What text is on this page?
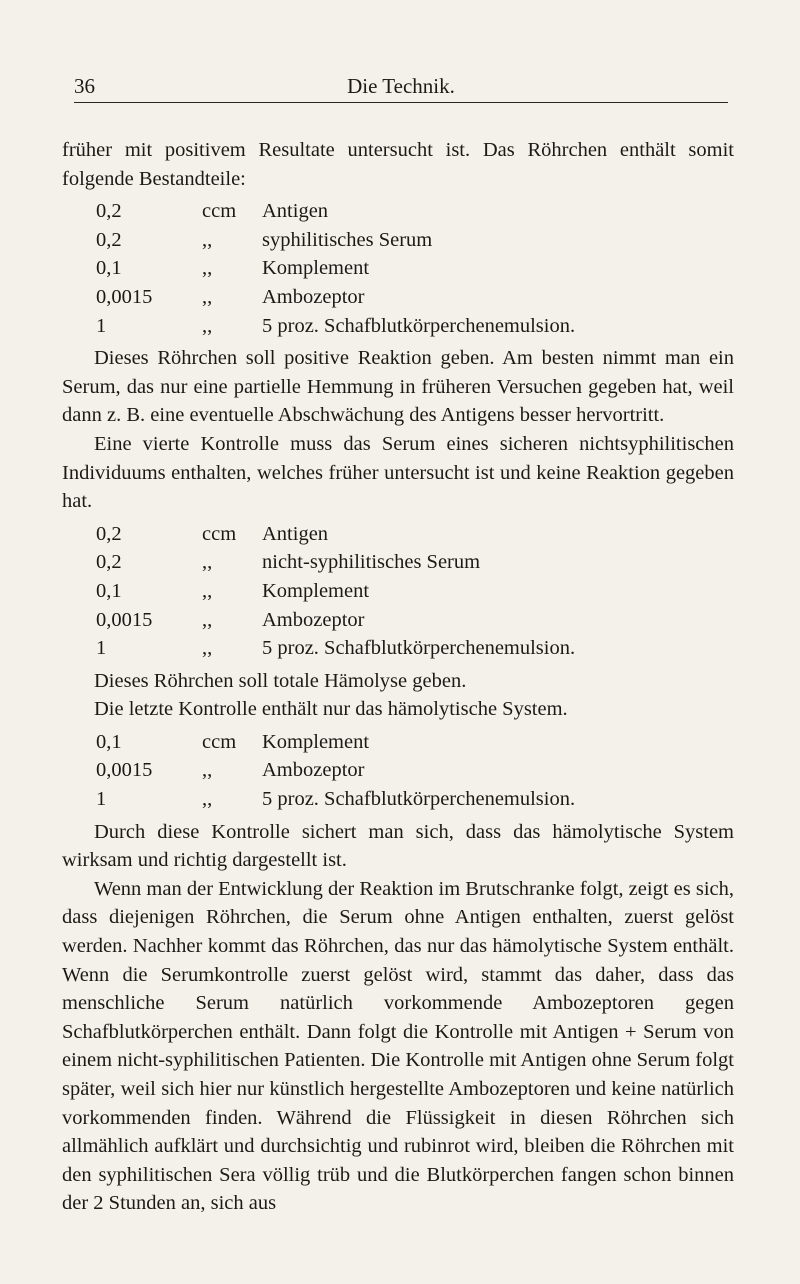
36	Die Technik.

früher mit positivem Resultate untersucht ist. Das Röhrchen enthält somit folgende Bestandteile:

0,2	ccm	Antigen
0,2	,,	syphilitisches Serum
0,1	,,	Komplement
0,0015	,,	Ambozeptor
1	,,	5 proz. Schafblutkörperchenemulsion.

Dieses Röhrchen soll positive Reaktion geben. Am besten nimmt man ein Serum, das nur eine partielle Hemmung in früheren Versuchen gegeben hat, weil dann z. B. eine eventuelle Abschwächung des Antigens besser hervortritt.

Eine vierte Kontrolle muss das Serum eines sicheren nichtsyphilitischen Individuums enthalten, welches früher untersucht ist und keine Reaktion gegeben hat.

0,2	ccm	Antigen
0,2	,,	nicht-syphilitisches Serum
0,1	,,	Komplement
0,0015	,,	Ambozeptor
1	,,	5 proz. Schafblutkörperchenemulsion.

Dieses Röhrchen soll totale Hämolyse geben.

Die letzte Kontrolle enthält nur das hämolytische System.

0,1	ccm	Komplement
0,0015	,,	Ambozeptor
1	,,	5 proz. Schafblutkörperchenemulsion.

Durch diese Kontrolle sichert man sich, dass das hämolytische System wirksam und richtig dargestellt ist.

Wenn man der Entwicklung der Reaktion im Brutschranke folgt, zeigt es sich, dass diejenigen Röhrchen, die Serum ohne Antigen enthalten, zuerst gelöst werden. Nachher kommt das Röhrchen, das nur das hämolytische System enthält. Wenn die Serumkontrolle zuerst gelöst wird, stammt das daher, dass das menschliche Serum natürlich vorkommende Ambozeptoren gegen Schafblutkörperchen enthält. Dann folgt die Kontrolle mit Antigen + Serum von einem nicht-syphilitischen Patienten. Die Kontrolle mit Antigen ohne Serum folgt später, weil sich hier nur künstlich hergestellte Ambozeptoren und keine natürlich vorkommenden finden. Während die Flüssigkeit in diesen Röhrchen sich allmählich aufklärt und durchsichtig und rubinrot wird, bleiben die Röhrchen mit den syphilitischen Sera völlig trüb und die Blutkörperchen fangen schon binnen der 2 Stunden an, sich aus
